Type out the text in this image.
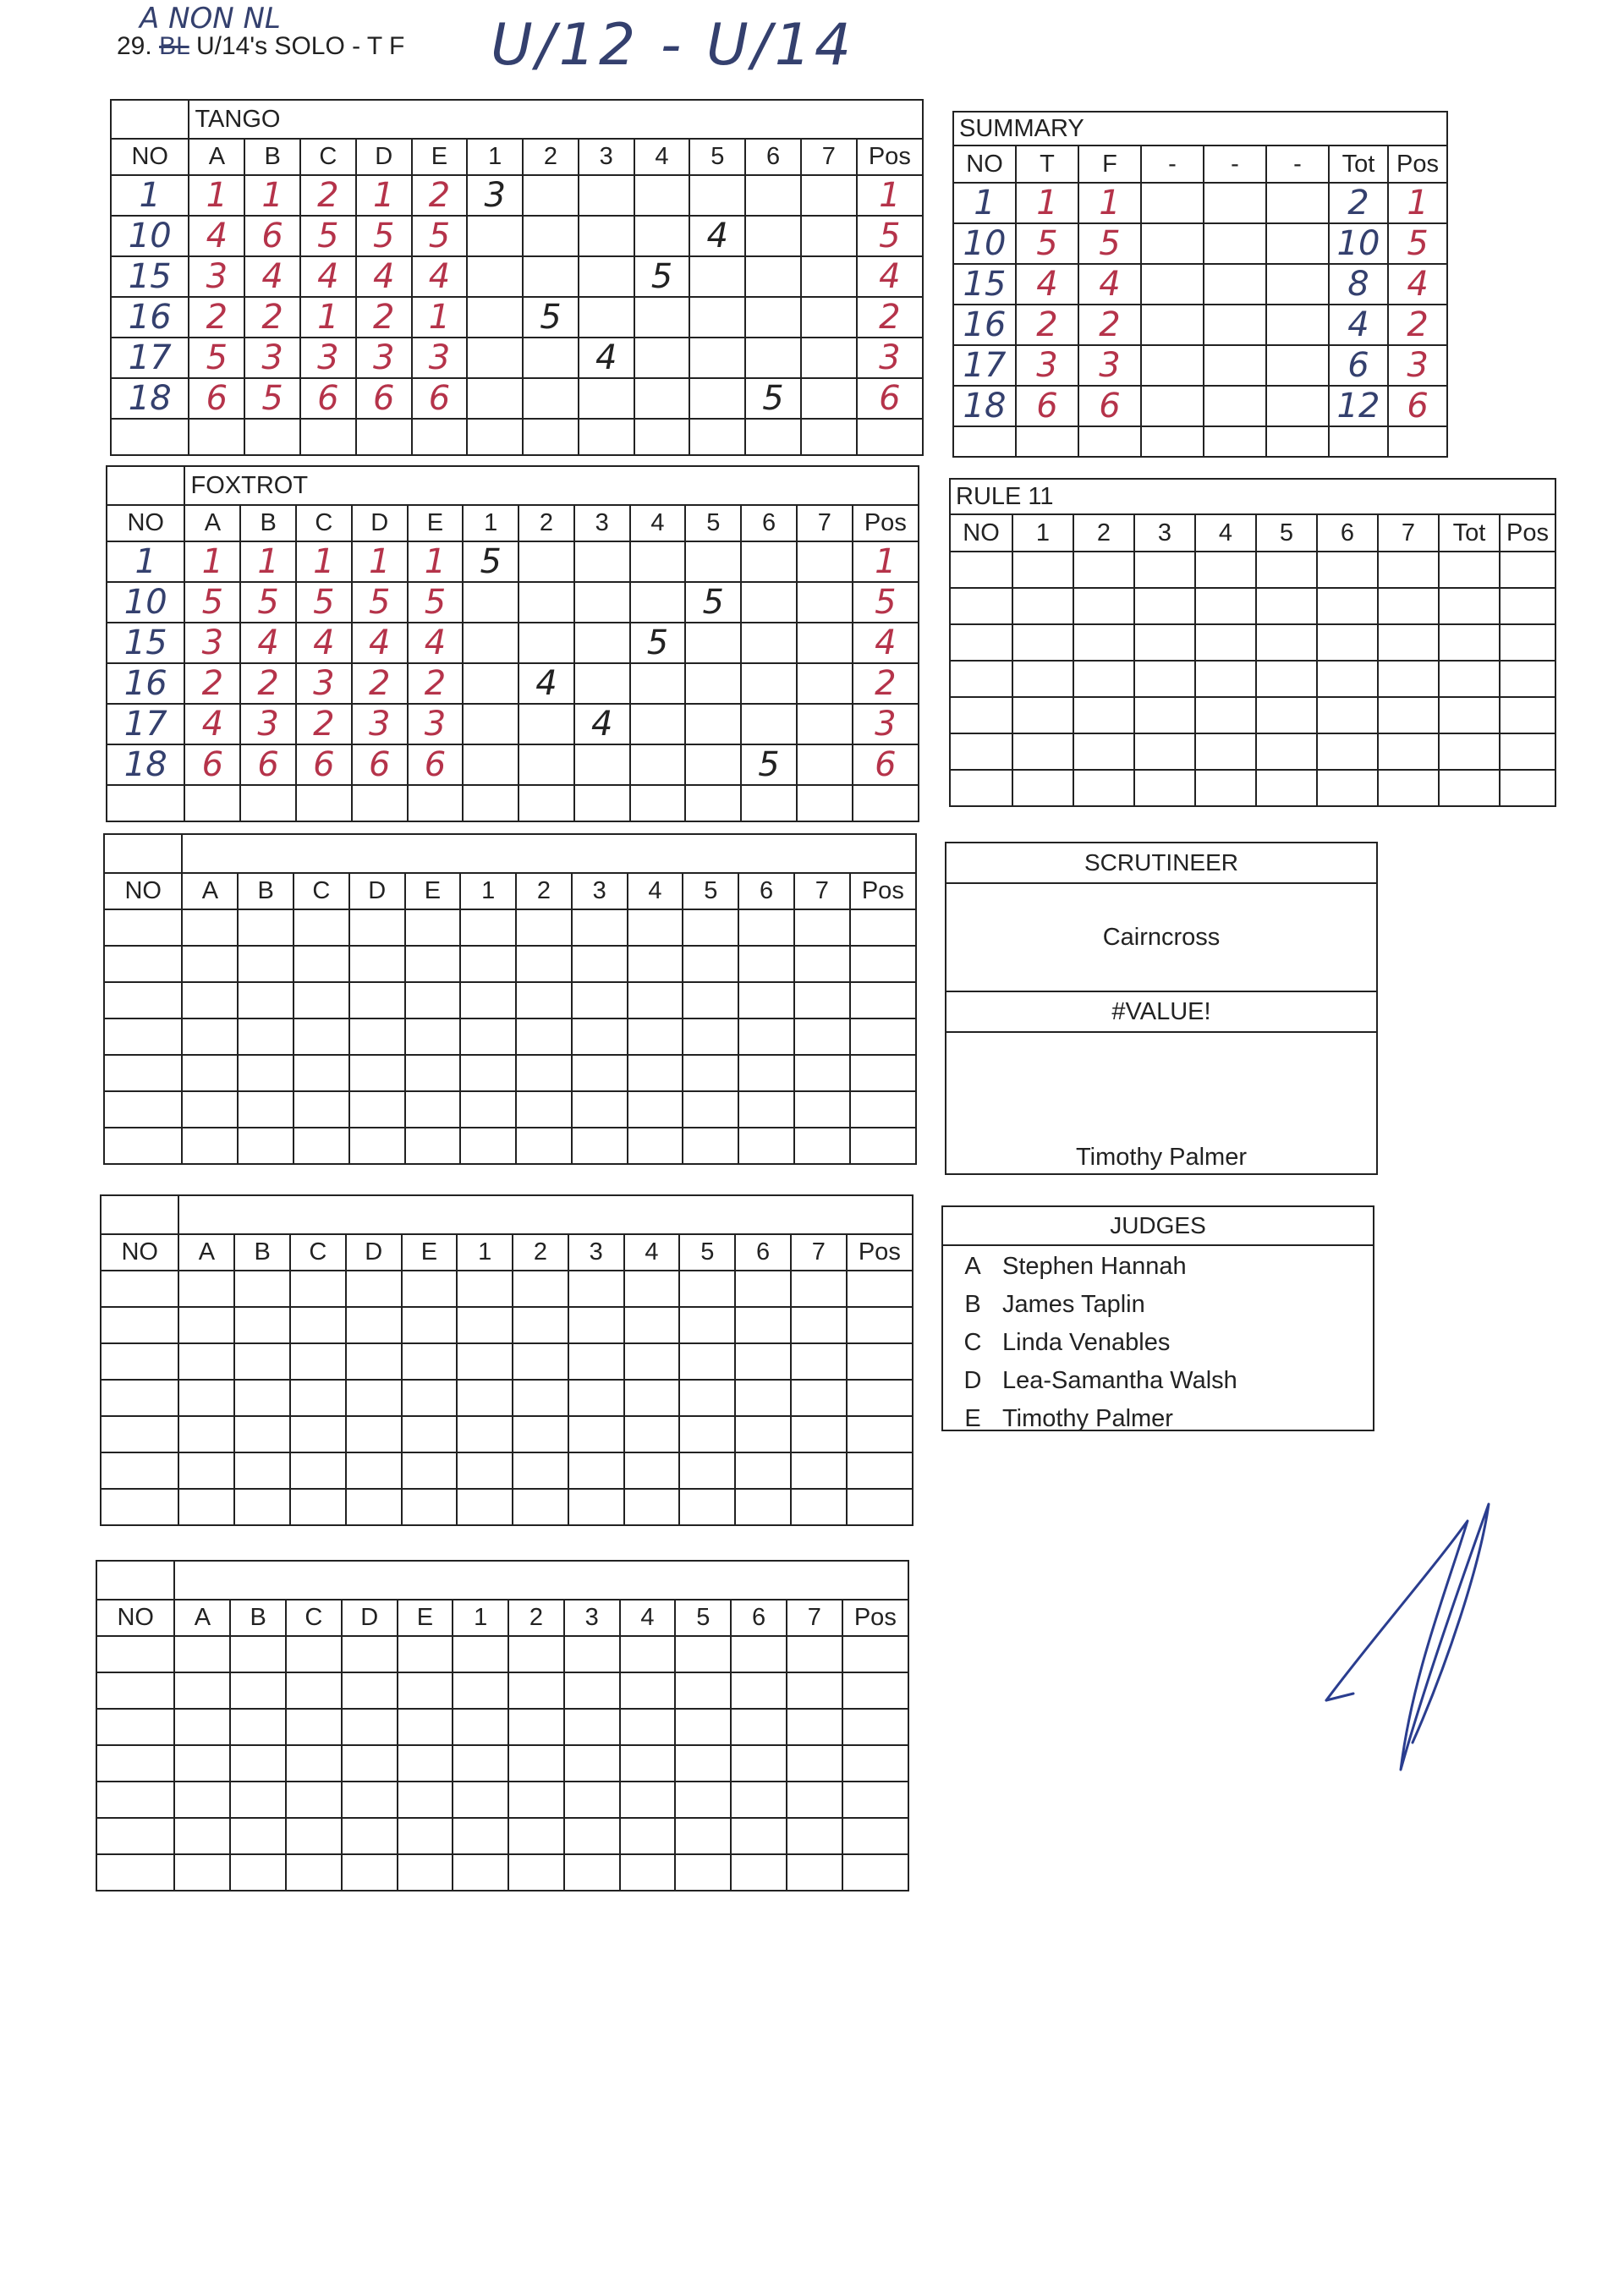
A NON NL
29. BL U/14's SOLO - T F U/12 - U/14
	TANGO												
NO	A	B	C	D	E	1	2	3	4	5	6	7	Pos
1	1	1	2	1	2	3							1
10	4	6	5	5	5					4			5
15	3	4	4	4	4				5				4
16	2	2	1	2	1		5						2
17	5	3	3	3	3			4					3
18	6	5	6	6	6						5		6

	FOXTROT												
NO	A	B	C	D	E	1	2	3	4	5	6	7	Pos
1	1	1	1	1	1	5							1
10	5	5	5	5	5					5			5
15	3	4	4	4	4				5				4
16	2	2	3	2	2		4						2
17	4	3	2	3	3			4					3
18	6	6	6	6	6						5		6

NO	A	B	C	D	E	1	2	3	4	5	6	7	Pos

NO	A	B	C	D	E	1	2	3	4	5	6	7	Pos

NO	A	B	C	D	E	1	2	3	4	5	6	7	Pos

SUMMARY							
NO	T	F	-	-	-	Tot	Pos
1	1	1				2	1
10	5	5				10	5
15	4	4				8	4
16	2	2				4	2
17	3	3				6	3
18	6	6				12	6

RULE 11									
NO	1	2	3	4	5	6	7	Tot	Pos

SCRUTINEER
Cairncross
#VALUE!
Timothy Palmer
JUDGES
A Stephen Hannah
B James Taplin
C Linda Venables
D Lea-Samantha Walsh
E Timothy Palmer
